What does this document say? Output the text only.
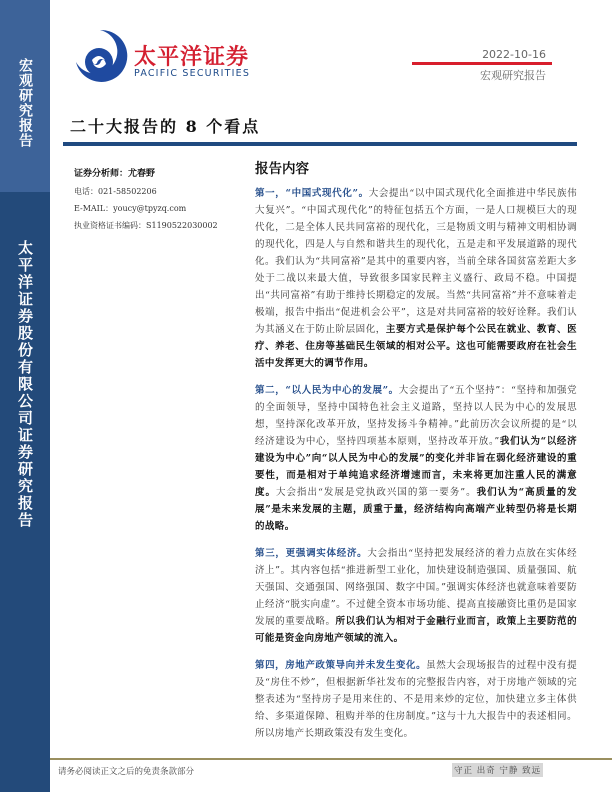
宏观研究报告
太平洋证券股份有限公司证券研究报告
太平洋证券
PACIFIC SECURITIES
2022-10-16
宏观研究报告
二十大报告的 8 个看点
证券分析师：尤春野
电话：021-58502206
E-MAIL：youcy@tpyzq.com
执业资格证书编码：S1190522030002
报告内容

第一，“中国式现代化”。大会提出“以中国式现代化全面推进中华民族伟大复兴”。“中国式现代化”的特征包括五个方面，一是人口规模巨大的现代化，二是全体人民共同富裕的现代化，三是物质文明与精神文明相协调的现代化，四是人与自然和谐共生的现代化，五是走和平发展道路的现代化。我们认为“共同富裕”是其中的重要内容，当前全球各国贫富差距大多处于二战以来最大值，导致很多国家民粹主义盛行、政局不稳。中国提出“共同富裕”有助于维持长期稳定的发展。当然“共同富裕”并不意味着走极端，报告中指出“促进机会公平”，这是对共同富裕的较好诠释。我们认为其涵义在于防止阶层固化，主要方式是保护每个公民在就业、教育、医疗、养老、住房等基础民生领域的相对公平。这也可能需要政府在社会生活中发挥更大的调节作用。

第二，“以人民为中心的发展”。大会提出了“五个坚持”：“坚持和加强党的全面领导，坚持中国特色社会主义道路，坚持以人民为中心的发展思想，坚持深化改革开放，坚持发扬斗争精神。”此前历次会议所提的是“以经济建设为中心，坚持四项基本原则，坚持改革开放。”我们认为“以经济建设为中心”向“以人民为中心的发展”的变化并非旨在弱化经济建设的重要性，而是相对于单纯追求经济增速而言，未来将更加注重人民的满意度。大会指出“发展是党执政兴国的第一要务”。我们认为“高质量的发展”是未来发展的主题，质重于量，经济结构向高端产业转型仍将是长期的战略。

第三，更强调实体经济。大会指出“坚持把发展经济的着力点放在实体经济上”。其内容包括“推进新型工业化，加快建设制造强国、质量强国、航天强国、交通强国、网络强国、数字中国。”强调实体经济也就意味着要防止经济“脱实向虚”。不过健全资本市场功能、提高直接融资比重仍是国家发展的重要战略。所以我们认为相对于金融行业而言，政策上主要防范的可能是资金向房地产领域的流入。

第四，房地产政策导向并未发生变化。虽然大会现场报告的过程中没有提及“房住不炒”，但根据新华社发布的完整报告内容，对于房地产领域的完整表述为“坚持房子是用来住的、不是用来炒的定位，加快建立多主体供给、多渠道保障、租购并举的住房制度。”这与十九大报告中的表述相同。所以房地产长期政策没有发生变化。

请务必阅读正文之后的免责条款部分	守正 出奇 宁静 致远
